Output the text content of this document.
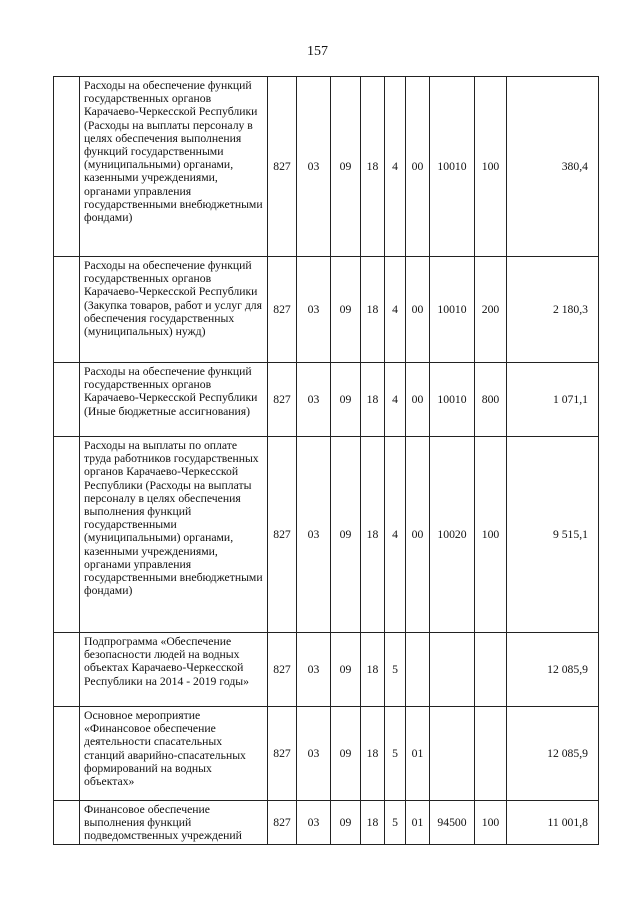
157
	Расходы на обеспечение функций государственных органов Карачаево-Черкесской Республики (Расходы на выплаты персоналу в целях обеспечения выполнения функций государственными (муниципальными) органами, казенными учреждениями, органами управления государственными внебюджетными фондами)	827	03	09	18	4	00	10010	100	380,4
	Расходы на обеспечение функций государственных органов Карачаево-Черкесской Республики (Закупка товаров, работ и услуг для обеспечения государственных (муниципальных) нужд)	827	03	09	18	4	00	10010	200	2 180,3
	Расходы на обеспечение функций государственных органов Карачаево-Черкесской Республики (Иные бюджетные ассигнования)	827	03	09	18	4	00	10010	800	1 071,1
	Расходы на выплаты по оплате труда работников государственных органов Карачаево-Черкесской Республики (Расходы на выплаты персоналу в целях обеспечения выполнения функций государственными (муниципальными) органами, казенными учреждениями, органами управления государственными внебюджетными фондами)	827	03	09	18	4	00	10020	100	9 515,1
	Подпрограмма «Обеспечение безопасности людей на водных объектах Карачаево-Черкесской Республики на 2014 - 2019 годы»	827	03	09	18	5				12 085,9
	Основное мероприятие «Финансовое обеспечение деятельности спасательных станций аварийно-спасательных формирований на водных объектах»	827	03	09	18	5	01			12 085,9
	Финансовое обеспечение выполнения функций подведомственных учреждений	827	03	09	18	5	01	94500	100	11 001,8
